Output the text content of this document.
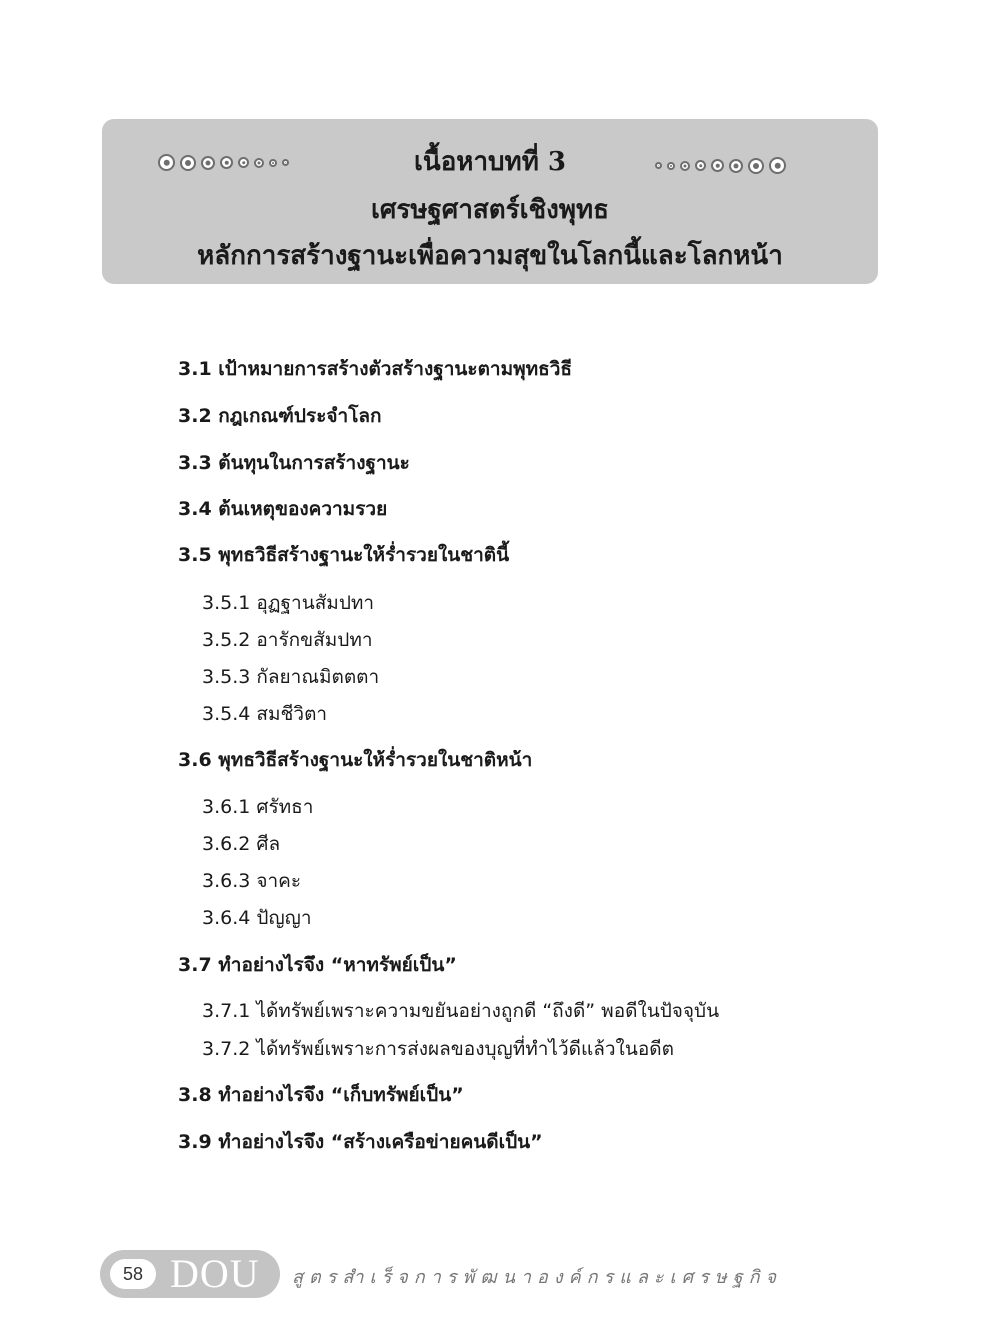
เนื้อหาบทที่ 3
เศรษฐศาสตร์เชิงพุทธ
หลักการสร้างฐานะเพื่อความสุขในโลกนี้และโลกหน้า
3.1 เป้าหมายการสร้างตัวสร้างฐานะตามพุทธวิธี
3.2 กฎเกณฑ์ประจำโลก
3.3 ต้นทุนในการสร้างฐานะ
3.4 ต้นเหตุของความรวย
3.5 พุทธวิธีสร้างฐานะให้ร่ำรวยในชาตินี้
3.5.1 อุฏฐานสัมปทา
3.5.2 อารักขสัมปทา
3.5.3 กัลยาณมิตตตา
3.5.4 สมชีวิตา
3.6 พุทธวิธีสร้างฐานะให้ร่ำรวยในชาติหน้า
3.6.1 ศรัทธา
3.6.2 ศีล
3.6.3 จาคะ
3.6.4 ปัญญา
3.7 ทำอย่างไรจึง “หาทรัพย์เป็น”
3.7.1 ได้ทรัพย์เพราะความขยันอย่างถูกดี “ถึงดี” พอดีในปัจจุบัน
3.7.2 ได้ทรัพย์เพราะการส่งผลของบุญที่ทำไว้ดีแล้วในอดีต
3.8 ทำอย่างไรจึง “เก็บทรัพย์เป็น”
3.9 ทำอย่างไรจึง “สร้างเครือข่ายคนดีเป็น”
58 DOU สูตรสำเร็จการพัฒนาองค์กรและเศรษฐกิจ
